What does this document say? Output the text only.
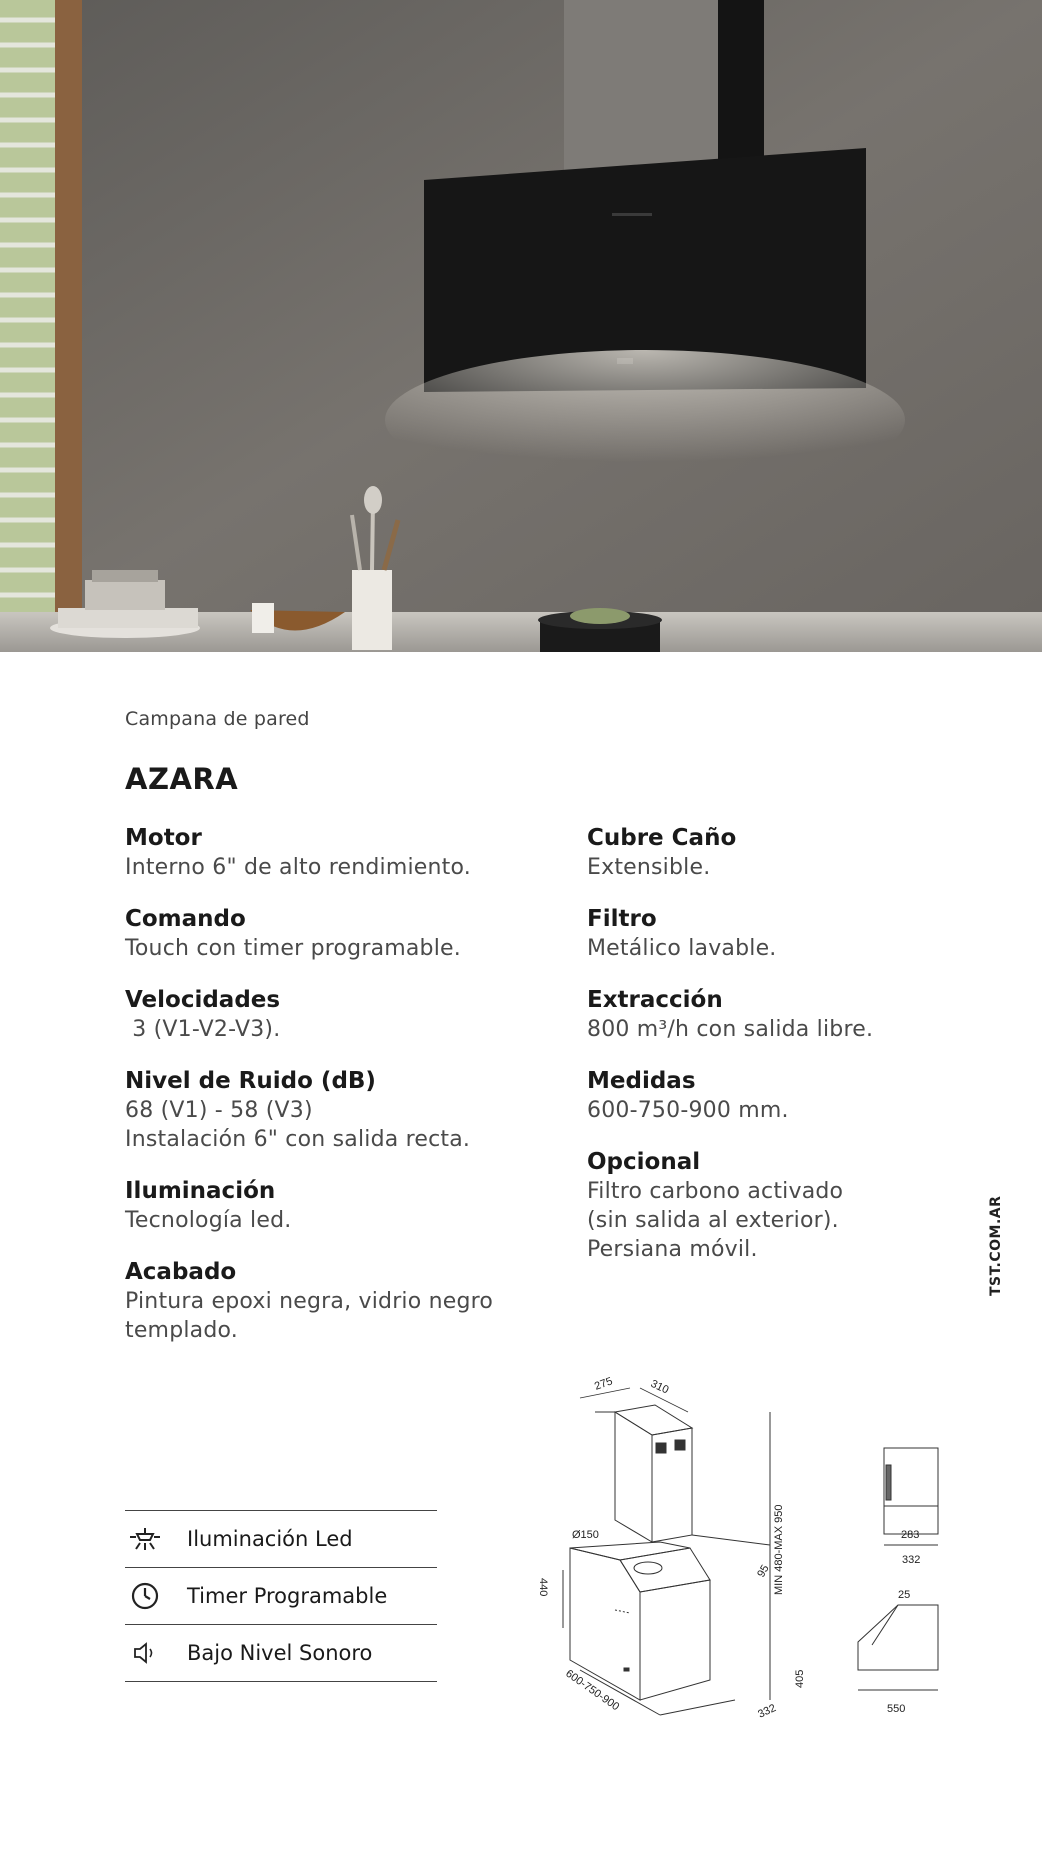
Campana de pared
AZARA
Motor
Interno 6" de alto rendimiento.
Comando
Touch con timer programable.
Velocidades
3 (V1-V2-V3).
Nivel de Ruido (dB)
68 (V1) - 58 (V3)
Instalación 6" con salida recta.
Iluminación
Tecnología led.
Acabado
Pintura epoxi negra, vidrio negro
templado.
Cubre Caño
Extensible.
Filtro
Metálico lavable.
Extracción
800 m³/h con salida libre.
Medidas
600-750-900 mm.
Opcional
Filtro carbono activado
(sin salida al exterior).
Persiana móvil.	TST.COM.AR
Iluminación Led
Timer Programable
Bajo Nivel Sonoro
275	310
Ø150
440	MIN 480-MAX 950
95
405
600-750-900	332
283
332
25
550
